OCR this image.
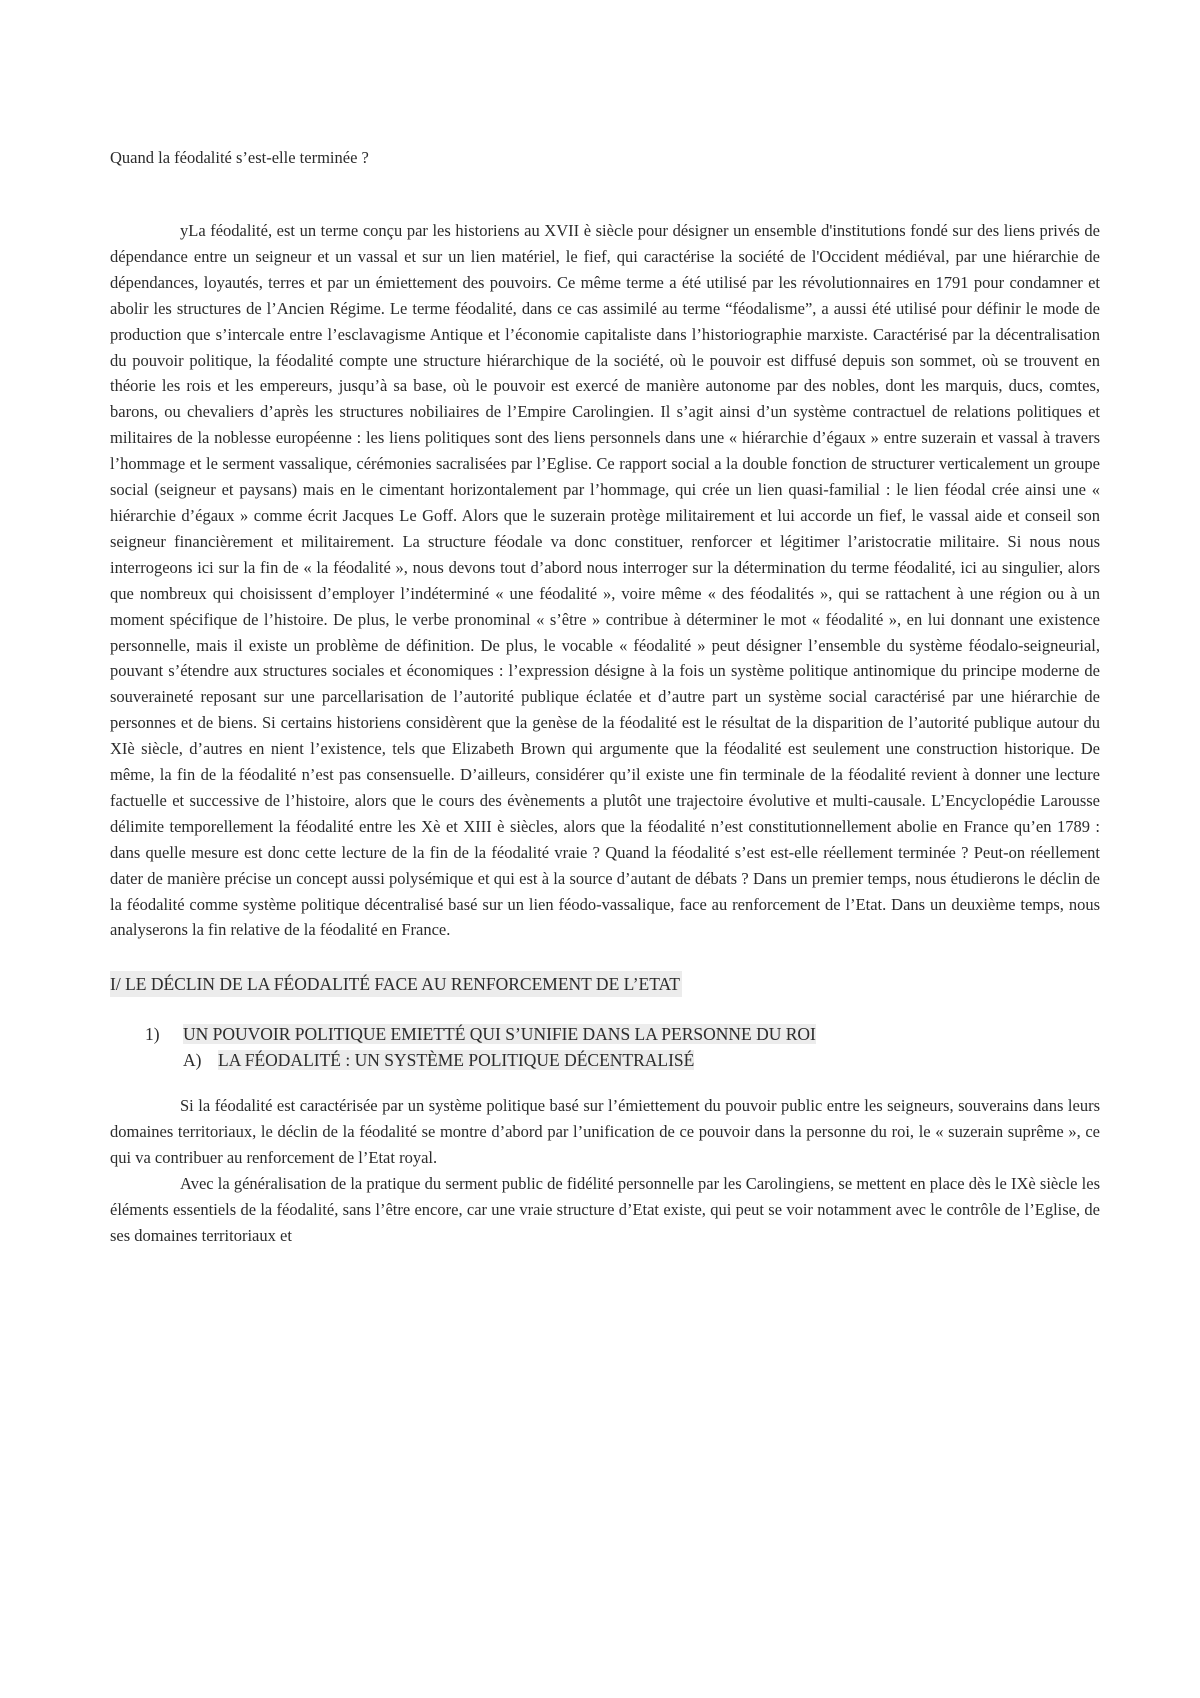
Quand la féodalité s’est-elle terminée ?

yLa féodalité, est un terme conçu par les historiens au XVII è siècle pour désigner un ensemble d'institutions fondé sur des liens privés de dépendance entre un seigneur et un vassal et sur un lien matériel, le fief, qui caractérise la société de l'Occident médiéval, par une hiérarchie de dépendances, loyautés, terres et par un émiettement des pouvoirs. Ce même terme a été utilisé par les révolutionnaires en 1791 pour condamner et abolir les structures de l’Ancien Régime. Le terme féodalité, dans ce cas assimilé au terme “féodalisme”, a aussi été utilisé pour définir le mode de production que s’intercale entre l’esclavagisme Antique et l’économie capitaliste dans l’historiographie marxiste. Caractérisé par la décentralisation du pouvoir politique, la féodalité compte une structure hiérarchique de la société, où le pouvoir est diffusé depuis son sommet, où se trouvent en théorie les rois et les empereurs, jusqu’à sa base, où le pouvoir est exercé de manière autonome par des nobles, dont les marquis, ducs, comtes, barons, ou chevaliers d’après les structures nobiliaires de l’Empire Carolingien. Il s’agit ainsi d’un système contractuel de relations politiques et militaires de la noblesse européenne : les liens politiques sont des liens personnels dans une « hiérarchie d’égaux » entre suzerain et vassal à travers l’hommage et le serment vassalique, cérémonies sacralisées par l’Eglise. Ce rapport social a la double fonction de structurer verticalement un groupe social (seigneur et paysans) mais en le cimentant horizontalement par l’hommage, qui crée un lien quasi-familial : le lien féodal crée ainsi une « hiérarchie d’égaux » comme écrit Jacques Le Goff. Alors que le suzerain protège militairement et lui accorde un fief, le vassal aide et conseil son seigneur financièrement et militairement. La structure féodale va donc constituer, renforcer et légitimer l’aristocratie militaire. Si nous nous interrogeons ici sur la fin de « la féodalité », nous devons tout d’abord nous interroger sur la détermination du terme féodalité, ici au singulier, alors que nombreux qui choisissent d’employer l’indéterminé « une féodalité », voire même « des féodalités », qui se rattachent à une région ou à un moment spécifique de l’histoire. De plus, le verbe pronominal « s’être » contribue à déterminer le mot « féodalité », en lui donnant une existence personnelle, mais il existe un problème de définition. De plus, le vocable « féodalité » peut désigner l’ensemble du système féodalo-seigneurial, pouvant s’étendre aux structures sociales et économiques : l’expression désigne à la fois un système politique antinomique du principe moderne de souveraineté reposant sur une parcellarisation de l’autorité publique éclatée et d’autre part un système social caractérisé par une hiérarchie de personnes et de biens. Si certains historiens considèrent que la genèse de la féodalité est le résultat de la disparition de l’autorité publique autour du XIè siècle, d’autres en nient l’existence, tels que Elizabeth Brown qui argumente que la féodalité est seulement une construction historique. De même, la fin de la féodalité n’est pas consensuelle. D’ailleurs, considérer qu’il existe une fin terminale de la féodalité revient à donner une lecture factuelle et successive de l’histoire, alors que le cours des évènements a plutôt une trajectoire évolutive et multi-causale. L’Encyclopédie Larousse délimite temporellement la féodalité entre les Xè et XIII è siècles, alors que la féodalité n’est constitutionnellement abolie en France qu’en 1789 : dans quelle mesure est donc cette lecture de la fin de la féodalité vraie ? Quand la féodalité s’est est-elle réellement terminée ? Peut-on réellement dater de manière précise un concept aussi polysémique et qui est à la source d’autant de débats ? Dans un premier temps, nous étudierons le déclin de la féodalité comme système politique décentralisé basé sur un lien féodo-vassalique, face au renforcement de l’Etat. Dans un deuxième temps, nous analyserons la fin relative de la féodalité en France.

I/ LE DÉCLIN DE LA FÉODALITÉ FACE AU RENFORCEMENT DE L’ETAT
1) UN POUVOIR POLITIQUE EMIETTÉ QUI S’UNIFIE DANS LA PERSONNE DU ROI
A) LA FÉODALITÉ : UN SYSTÈME POLITIQUE DÉCENTRALISÉ

Si la féodalité est caractérisée par un système politique basé sur l’émiettement du pouvoir public entre les seigneurs, souverains dans leurs domaines territoriaux, le déclin de la féodalité se montre d’abord par l’unification de ce pouvoir dans la personne du roi, le « suzerain suprême », ce qui va contribuer au renforcement de l’Etat royal.

Avec la généralisation de la pratique du serment public de fidélité personnelle par les Carolingiens, se mettent en place dès le IXè siècle les éléments essentiels de la féodalité, sans l’être encore, car une vraie structure d’Etat existe, qui peut se voir notamment avec le contrôle de l’Eglise, de ses domaines territoriaux et
